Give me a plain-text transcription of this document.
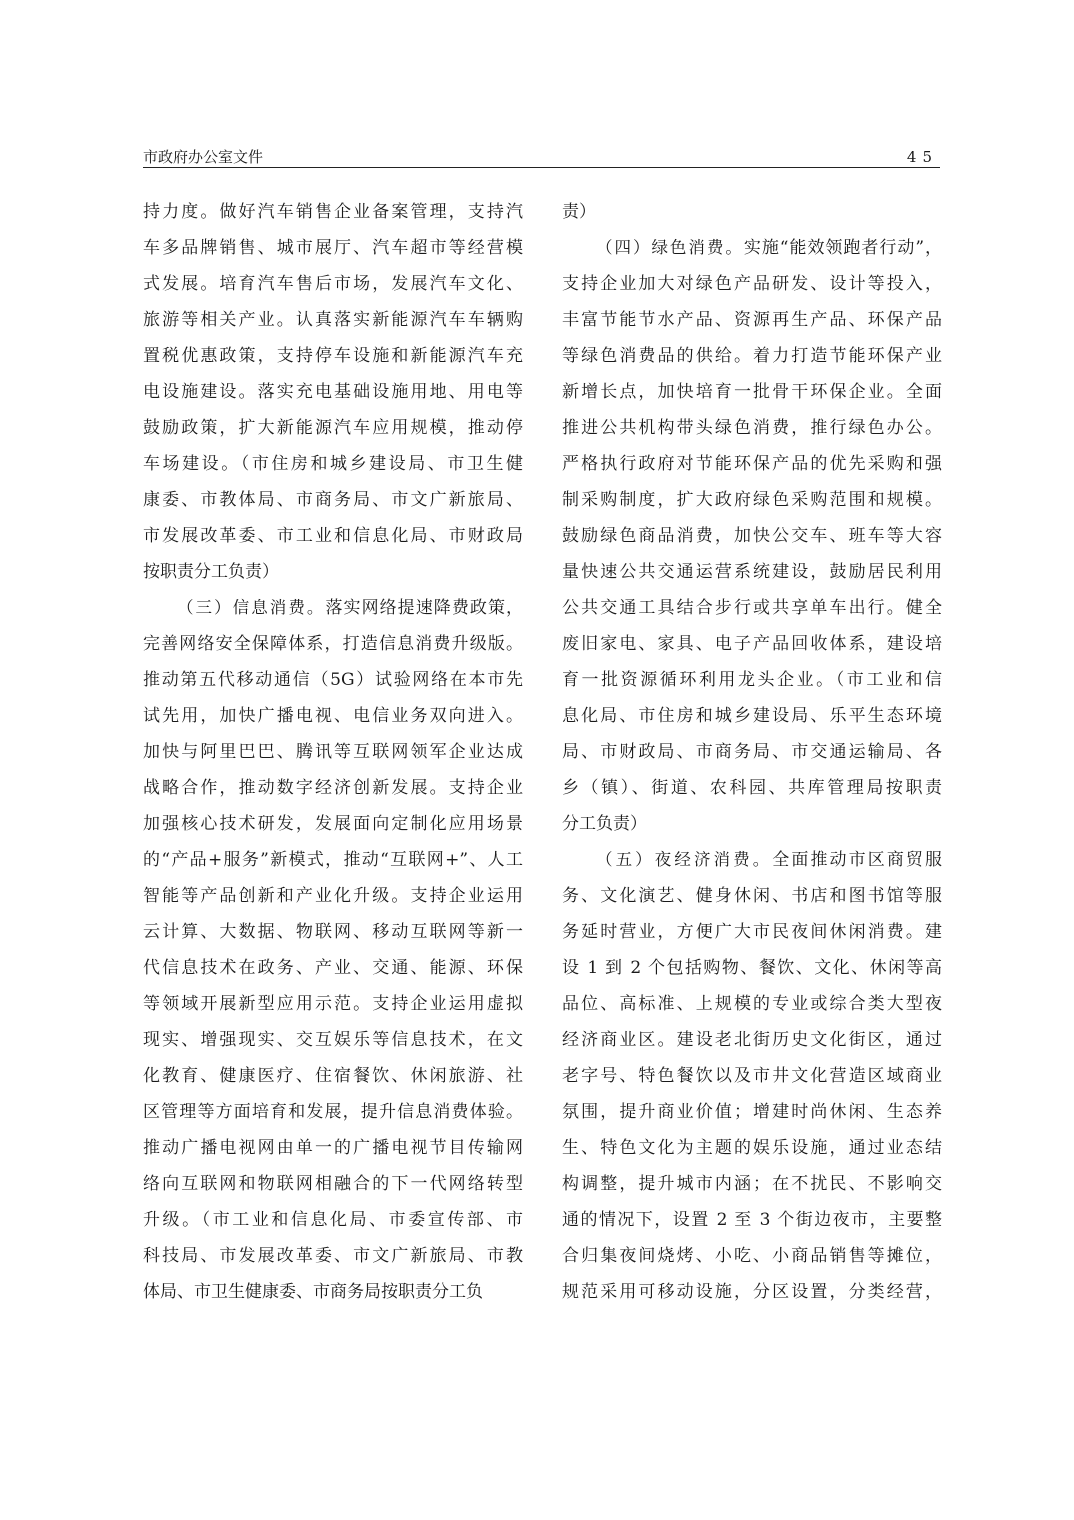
市政府办公室文件	45
持力度。做好汽车销售企业备案管理，支持汽
车多品牌销售、城市展厅、汽车超市等经营模
式发展。培育汽车售后市场，发展汽车文化、
旅游等相关产业。认真落实新能源汽车车辆购
置税优惠政策，支持停车设施和新能源汽车充
电设施建设。落实充电基础设施用地、用电等
鼓励政策，扩大新能源汽车应用规模，推动停
车场建设。（市住房和城乡建设局、市卫生健
康委、市教体局、市商务局、市文广新旅局、
市发展改革委、市工业和信息化局、市财政局
按职责分工负责）
（三）信息消费。落实网络提速降费政策，
完善网络安全保障体系，打造信息消费升级版。
推动第五代移动通信（5G）试验网络在本市先
试先用，加快广播电视、电信业务双向进入。
加快与阿里巴巴、腾讯等互联网领军企业达成
战略合作，推动数字经济创新发展。支持企业
加强核心技术研发，发展面向定制化应用场景
的“产品+服务”新模式，推动“互联网+”、人工
智能等产品创新和产业化升级。支持企业运用
云计算、大数据、物联网、移动互联网等新一
代信息技术在政务、产业、交通、能源、环保
等领域开展新型应用示范。支持企业运用虚拟
现实、增强现实、交互娱乐等信息技术，在文
化教育、健康医疗、住宿餐饮、休闲旅游、社
区管理等方面培育和发展，提升信息消费体验。
推动广播电视网由单一的广播电视节目传输网
络向互联网和物联网相融合的下一代网络转型
升级。（市工业和信息化局、市委宣传部、市
科技局、市发展改革委、市文广新旅局、市教
体局、市卫生健康委、市商务局按职责分工负
责）
（四）绿色消费。实施“能效领跑者行动”，
支持企业加大对绿色产品研发、设计等投入，
丰富节能节水产品、资源再生产品、环保产品
等绿色消费品的供给。着力打造节能环保产业
新增长点，加快培育一批骨干环保企业。全面
推进公共机构带头绿色消费，推行绿色办公。
严格执行政府对节能环保产品的优先采购和强
制采购制度，扩大政府绿色采购范围和规模。
鼓励绿色商品消费，加快公交车、班车等大容
量快速公共交通运营系统建设，鼓励居民利用
公共交通工具结合步行或共享单车出行。健全
废旧家电、家具、电子产品回收体系，建设培
育一批资源循环利用龙头企业。（市工业和信
息化局、市住房和城乡建设局、乐平生态环境
局、市财政局、市商务局、市交通运输局、各
乡（镇）、街道、农科园、共库管理局按职责
分工负责）
（五）夜经济消费。全面推动市区商贸服
务、文化演艺、健身休闲、书店和图书馆等服
务延时营业，方便广大市民夜间休闲消费。建
设 1 到 2 个包括购物、餐饮、文化、休闲等高
品位、高标准、上规模的专业或综合类大型夜
经济商业区。建设老北街历史文化街区，通过
老字号、特色餐饮以及市井文化营造区域商业
氛围，提升商业价值；增建时尚休闲、生态养
生、特色文化为主题的娱乐设施，通过业态结
构调整，提升城市内涵；在不扰民、不影响交
通的情况下，设置 2 至 3 个街边夜市，主要整
合归集夜间烧烤、小吃、小商品销售等摊位，
规范采用可移动设施，分区设置，分类经营，
